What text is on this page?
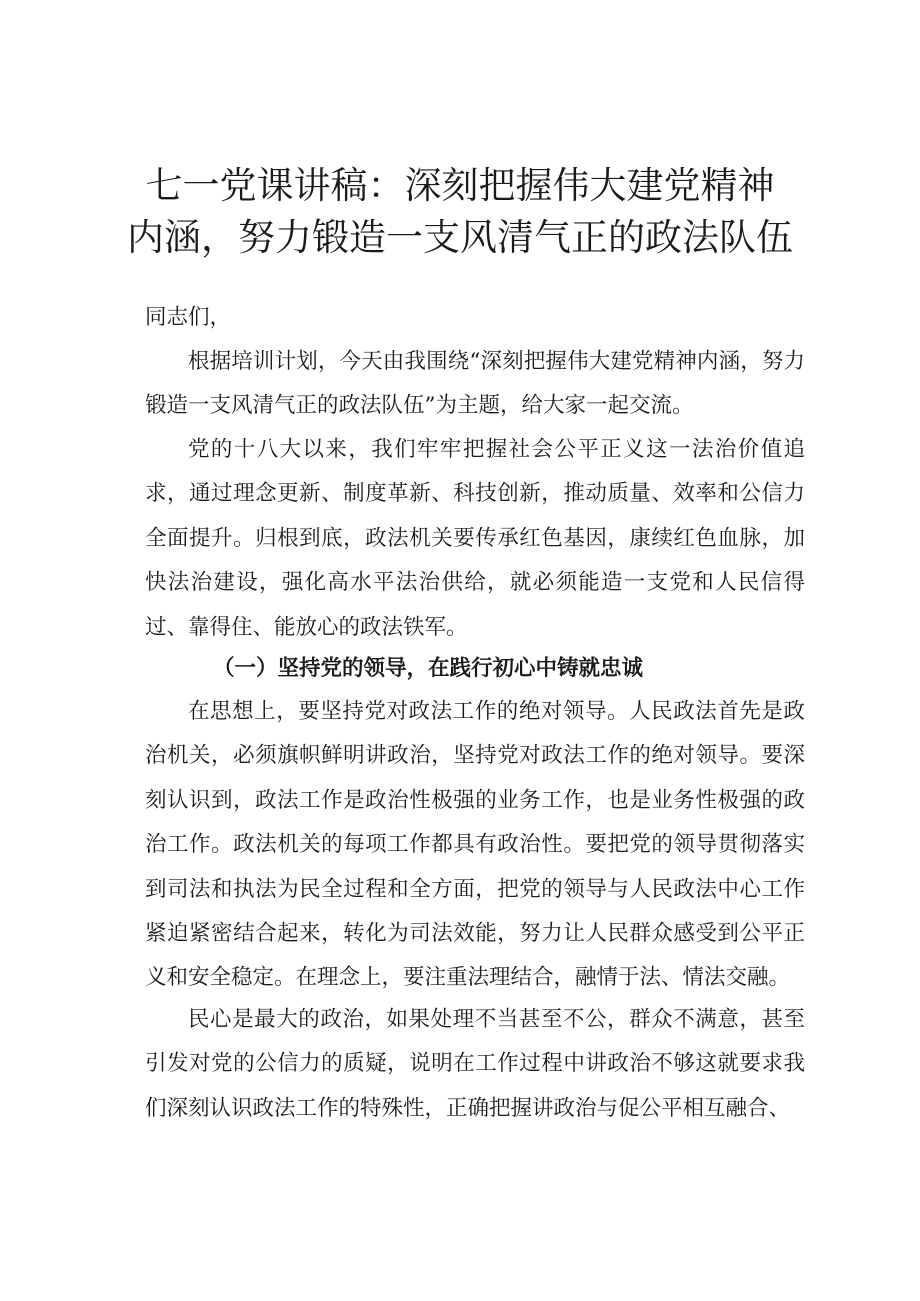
七一党课讲稿：深刻把握伟大建党精神
内涵，努力锻造一支风清气正的政法队伍

同志们，

根据培训计划，今天由我围绕“深刻把握伟大建党精神内涵，努力锻造一支风清气正的政法队伍”为主题，给大家一起交流。

党的十八大以来，我们牢牢把握社会公平正义这一法治价值追求，通过理念更新、制度革新、科技创新，推动质量、效率和公信力全面提升。归根到底，政法机关要传承红色基因，康续红色血脉，加快法治建设，强化高水平法治供给，就必须能造一支党和人民信得过、靠得住、能放心的政法铁军。

（一）坚持党的领导，在践行初心中铸就忠诚

在思想上，要坚持党对政法工作的绝对领导。人民政法首先是政治机关，必须旗帜鲜明讲政治，坚持党对政法工作的绝对领导。要深刻认识到，政法工作是政治性极强的业务工作，也是业务性极强的政治工作。政法机关的每项工作都具有政治性。要把党的领导贯彻落实到司法和执法为民全过程和全方面，把党的领导与人民政法中心工作紧迫紧密结合起来，转化为司法效能，努力让人民群众感受到公平正义和安全稳定。在理念上，要注重法理结合，融情于法、情法交融。

民心是最大的政治，如果处理不当甚至不公，群众不满意，甚至引发对党的公信力的质疑，说明在工作过程中讲政治不够这就要求我们深刻认识政法工作的特殊性，正确把握讲政治与促公平相互融合、
